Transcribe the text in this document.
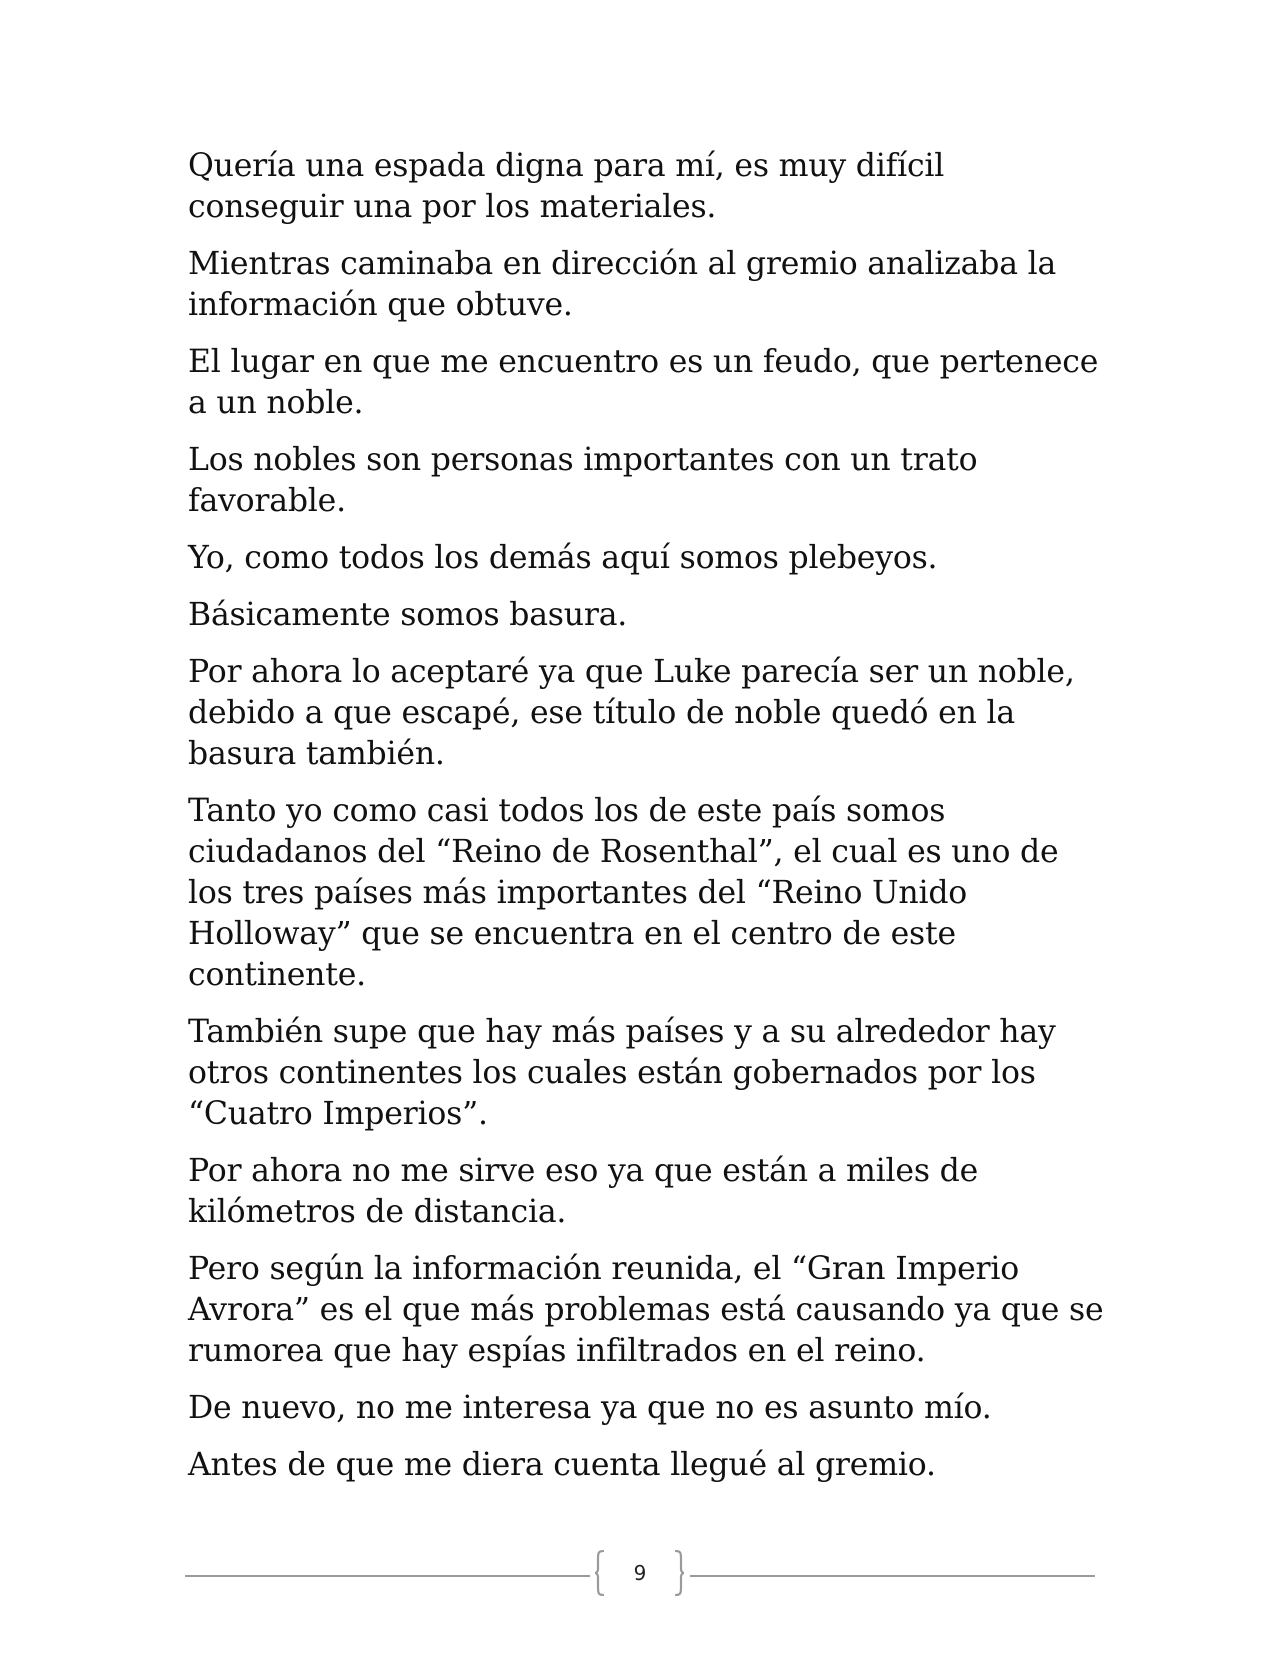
Quería una espada digna para mí, es muy difícil conseguir una por los materiales.

Mientras caminaba en dirección al gremio analizaba la información que obtuve.

El lugar en que me encuentro es un feudo, que pertenece a un noble.

Los nobles son personas importantes con un trato favorable.

Yo, como todos los demás aquí somos plebeyos.

Básicamente somos basura.

Por ahora lo aceptaré ya que Luke parecía ser un noble, debido a que escapé, ese título de noble quedó en la basura también.

Tanto yo como casi todos los de este país somos ciudadanos del “Reino de Rosenthal”, el cual es uno de los tres países más importantes del “Reino Unido Holloway” que se encuentra en el centro de este continente.

También supe que hay más países y a su alrededor hay otros continentes los cuales están gobernados por los “Cuatro Imperios”.

Por ahora no me sirve eso ya que están a miles de kilómetros de distancia.

Pero según la información reunida, el “Gran Imperio Avrora” es el que más problemas está causando ya que se rumorea que hay espías infiltrados en el reino.

De nuevo, no me interesa ya que no es asunto mío.

Antes de que me diera cuenta llegué al gremio.

9
